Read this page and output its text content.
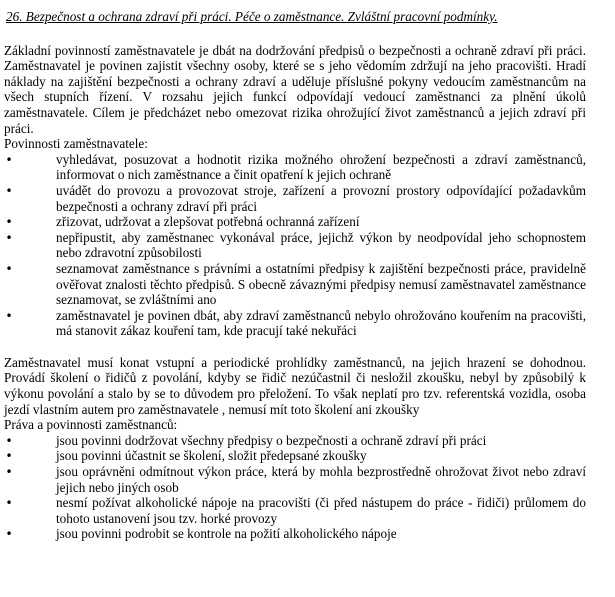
26. Bezpečnost a ochrana zdraví při práci. Péče o zaměstnance. Zvláštní pracovní podmínky.
Základní povinností zaměstnavatele je dbát na dodržování předpisů o bezpečnosti a ochraně zdraví při práci. Zaměstnavatel je povinen zajistit všechny osoby, které se s jeho vědomím zdržují na jeho pracovišti. Hradí náklady na zajištění bezpečnosti a ochrany zdraví a uděluje příslušné pokyny vedoucím zaměstnancům na všech stupních řízení. V rozsahu jejich funkcí odpovídají vedoucí zaměstnanci za plnění úkolů zaměstnavatele. Cílem je předcházet nebo omezovat rizika ohrožující život zaměstnanců a jejich zdraví při práci.
Povinnosti zaměstnavatele:
•
vyhledávat, posuzovat a hodnotit rizika možného ohrožení bezpečnosti a zdraví zaměstnanců, informovat o nich zaměstnance a činit opatření k jejich ochraně
•
uvádět do provozu a provozovat stroje, zařízení a provozní prostory odpovídající požadavkům bezpečnosti a ochrany zdraví při práci
•
zřizovat, udržovat a zlepšovat potřebná ochranná zařízení
•
nepřipustit, aby zaměstnanec vykonával práce, jejichž výkon by neodpovídal jeho schopnostem nebo zdravotní způsobilosti
•
seznamovat zaměstnance s právními a ostatními předpisy k zajištění bezpečnosti práce, pravidelně ověřovat znalosti těchto předpisů. S obecně závaznými předpisy nemusí zaměstnavatel zaměstnance seznamovat, se zvláštními ano
•
zaměstnavatel je povinen dbát, aby zdraví zaměstnanců nebylo ohrožováno kouřením na pracovišti, má stanovit zákaz kouření tam, kde pracují také nekuřáci
Zaměstnavatel musí konat vstupní a periodické prohlídky zaměstnanců, na jejich hrazení se dohodnou. Provádí školení o řidičů z povolání, kdyby se řidič nezúčastnil či nesložil zkoušku, nebyl by způsobilý k výkonu povolání a stalo by se to důvodem pro přeložení. To však neplatí pro tzv. referentská vozidla, osoba jezdí vlastním autem pro zaměstnavatele , nemusí mít toto školení ani zkoušky
Práva a povinnosti zaměstnanců:
•
jsou povinni dodržovat všechny předpisy o bezpečnosti a ochraně zdraví při práci
•
jsou povinni účastnit se školení, složit předepsané zkoušky
•
jsou oprávněni odmítnout výkon práce, která by mohla bezprostředně ohrožovat život nebo zdraví jejich nebo jiných osob
•
nesmí požívat alkoholické nápoje na pracovišti (či před nástupem do práce - řidiči) průlomem do tohoto ustanovení jsou tzv. horké provozy
•
jsou povinni podrobit se kontrole na požití alkoholického nápoje
